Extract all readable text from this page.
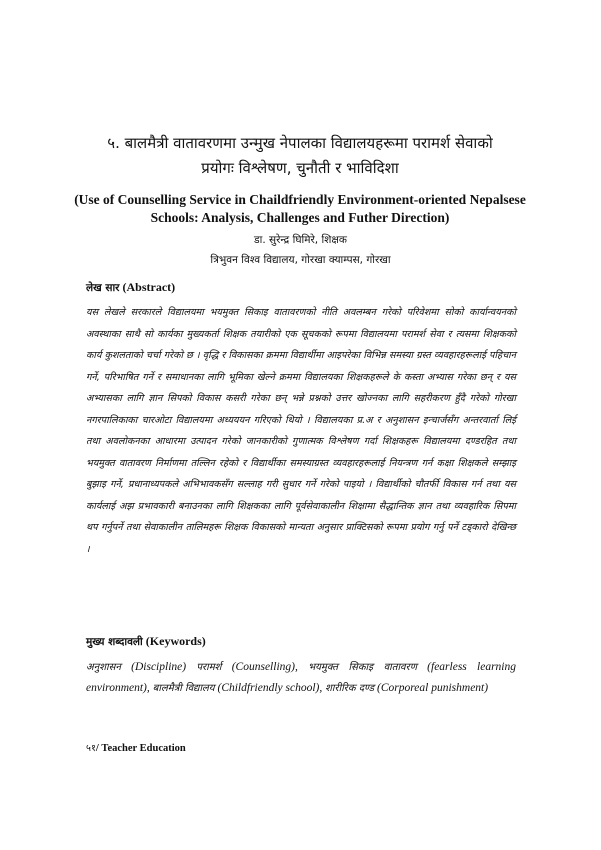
५. बालमैत्री वातावरणमा उन्मुख नेपालका विद्यालयहरूमा परामर्श सेवाको
प्रयोगः विश्लेषण, चुनौती र भाविदिशा
(Use of Counselling Service in Chaildfriendly Environment-oriented Nepalsese
Schools: Analysis, Challenges and Futher Direction)
डा. सुरेन्द्र घिमिरे, शिक्षक
त्रिभुवन विश्व विद्यालय, गोरखा क्याम्पस, गोरखा
लेख सार (Abstract)

यस लेखले सरकारले विद्यालयमा भयमुक्त सिकाइ वातावरणको नीति अवलम्बन गरेको परिवेशमा सोको कार्यान्वयनको अवस्थाका साथै सो कार्यका मुख्यकर्ता शिक्षक तयारीको एक सूचकको रूपमा विद्यालयमा परामर्श सेवा र त्यसमा शिक्षकको कार्य कुशलताको चर्चा गरेको छ । वृद्धि र विकासका क्रममा विद्यार्थीमा आइपरेका विभिन्न समस्या ग्रस्त व्यवहारहरूलाई पहिचान गर्ने, परिभाषित गर्ने र समाधानका लागि भूमिका खेल्ने क्रममा विद्यालयका शिक्षकहरूले के कस्ता अभ्यास गरेका छन् र यस अभ्यासका लागि ज्ञान सिपको विकास कसरी गरेका छन् भन्ने प्रश्नको उत्तर खोज्नका लागि सहरीकरण हुँदै गरेको गोरखा नगरपालिकाका चारओटा विद्यालयमा अध्यययन गरिएको थियो । विद्यालयका प्र.अ र अनुशासन इन्चार्जसँग अन्तरवार्ता लिई तथा अवलोकनका आधारमा उत्पादन गरेको जानकारीको गुणात्मक विश्लेषण गर्दा शिक्षकहरू विद्यालयमा दण्डरहित तथा भयमुक्त वातावरण निर्माणमा तल्लिन रहेको र विद्यार्थीका समस्याग्रस्त व्यवहारहरूलाई नियन्त्रण गर्न कक्षा शिक्षकले सम्झाइ बुझाइ गर्ने, प्रधानाध्यपकले अभिभावकसँग सल्लाह गरी सुधार गर्ने गरेको पाइयो । विद्यार्थीको चौतर्फी विकास गर्न तथा यस कार्यलाई अझ प्रभावकारी बनाउनका लागि शिक्षकका लागि पूर्वसेवाकालीन शिक्षामा सैद्धान्तिक ज्ञान तथा व्यवहारिक सिपमा थप गर्नुपर्ने तथा सेवाकालीन तालिमहरू शिक्षक विकासको मान्यता अनुसार प्राक्टिसको रूपमा प्रयोग गर्नु पर्ने टड्कारो देखिन्छ ।

मुख्य शब्दावली (Keywords)

अनुशासन (Discipline) परामर्श (Counselling), भयमुक्त सिकाइ वातावरण (fearless learning environment), बालमैत्री विद्यालय (Childfriendly school), शारीरिक दण्ड (Corporeal punishment)

५१/ Teacher Education
